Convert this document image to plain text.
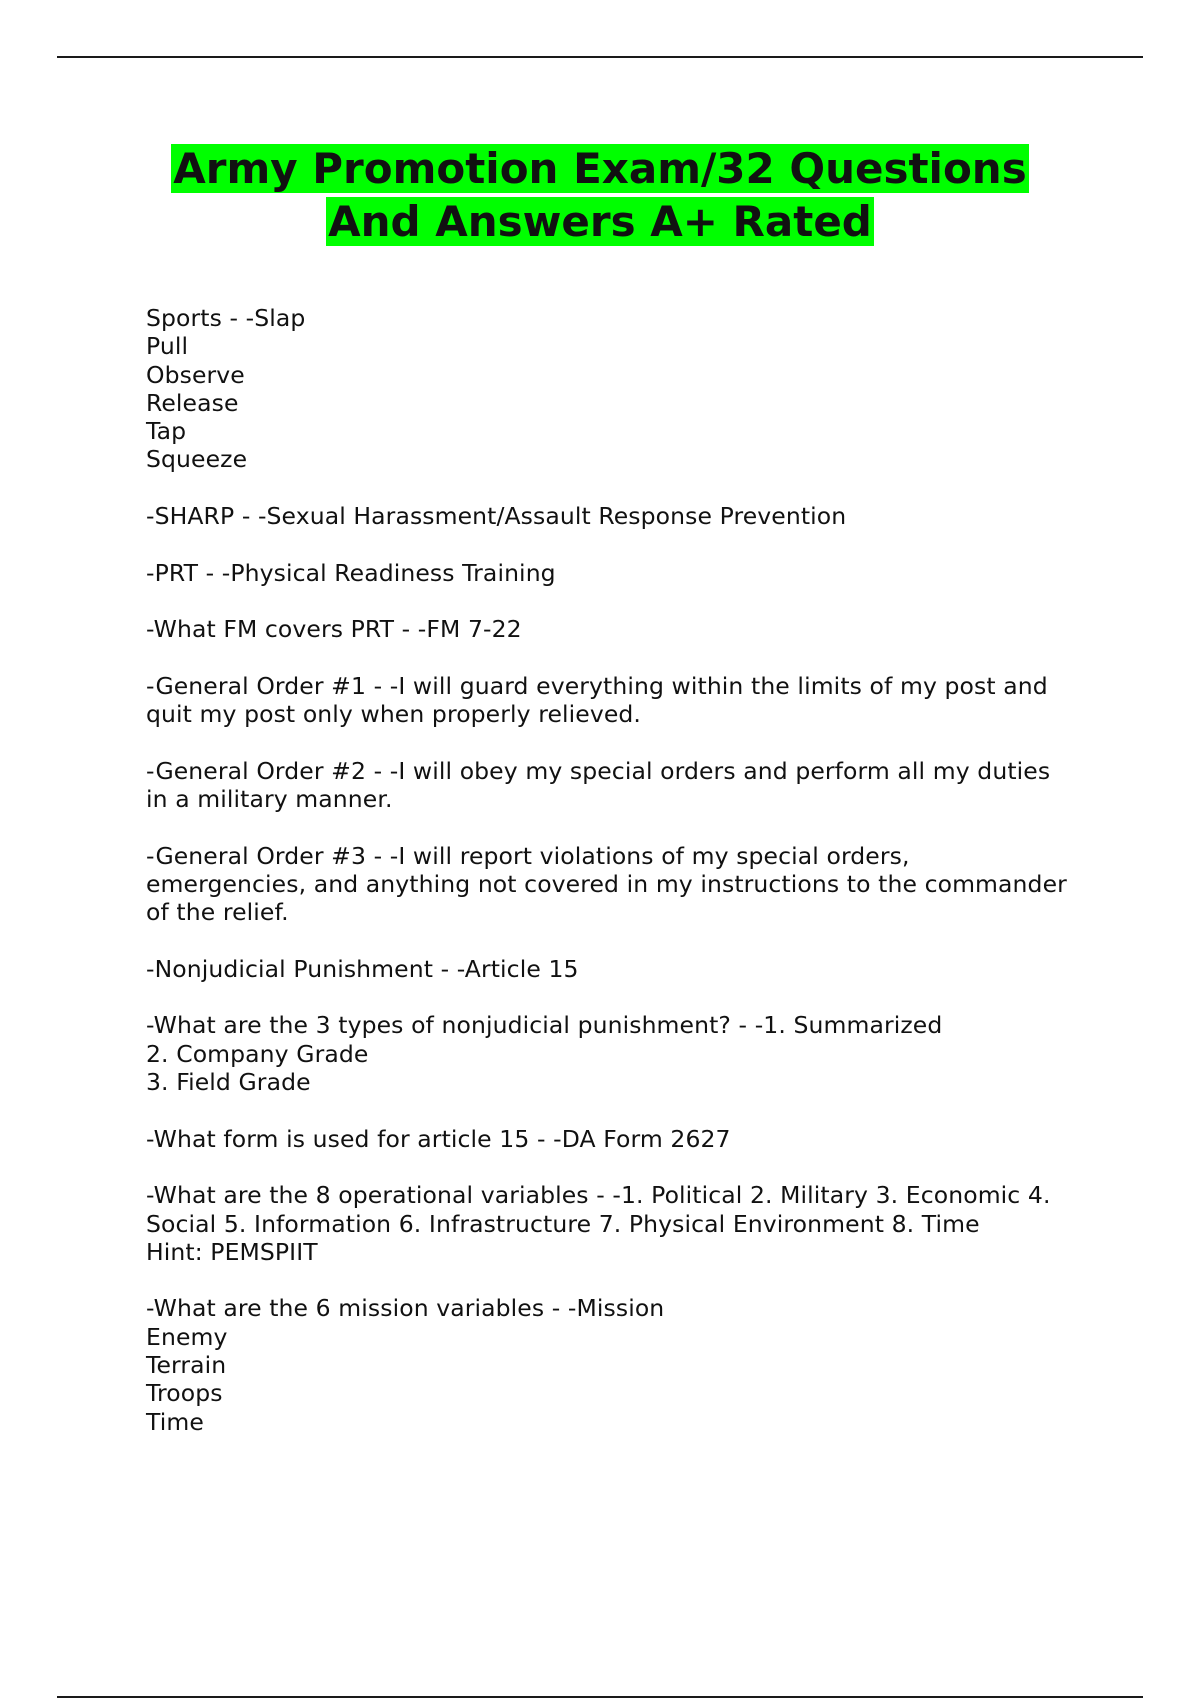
Army Promotion Exam/32 Questions
And Answers A+ Rated
Sports - -Slap
Pull
Observe
Release
Tap
Squeeze
-SHARP - -Sexual Harassment/Assault Response Prevention
-PRT - -Physical Readiness Training
-What FM covers PRT - -FM 7-22
-General Order #1 - -I will guard everything within the limits of my post and
quit my post only when properly relieved.
-General Order #2 - -I will obey my special orders and perform all my duties
in a military manner.
-General Order #3 - -I will report violations of my special orders,
emergencies, and anything not covered in my instructions to the commander
of the relief.
-Nonjudicial Punishment - -Article 15
-What are the 3 types of nonjudicial punishment? - -1. Summarized
2. Company Grade
3. Field Grade
-What form is used for article 15 - -DA Form 2627
-What are the 8 operational variables - -1. Political 2. Military 3. Economic 4.
Social 5. Information 6. Infrastructure 7. Physical Environment 8. Time
Hint: PEMSPIIT
-What are the 6 mission variables - -Mission
Enemy
Terrain
Troops
Time
